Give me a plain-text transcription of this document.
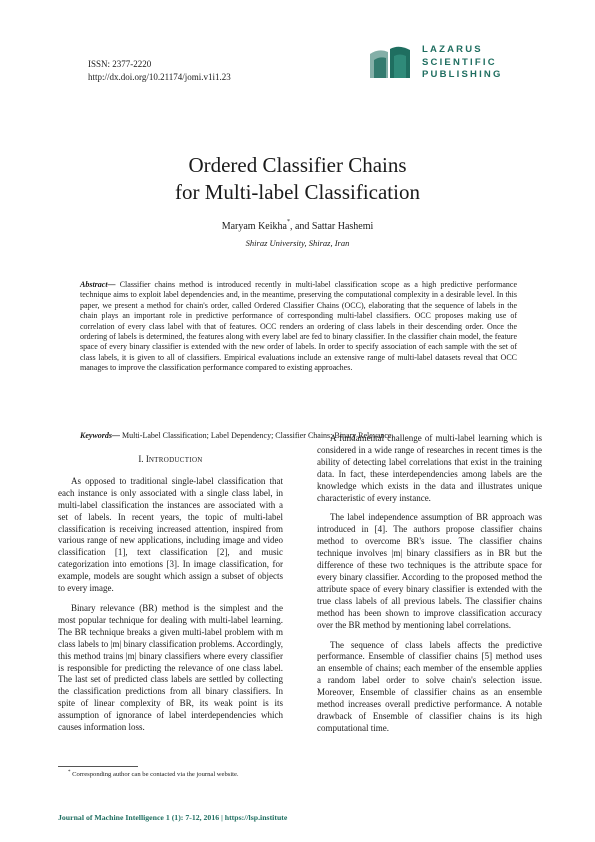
ISSN: 2377-2220
http://dx.doi.org/10.21174/jomi.v1i1.23
LAZARUS
SCIENTIFIC
PUBLISHING
Ordered Classifier Chains
for Multi-label Classification
Maryam Keikha*, and Sattar Hashemi
Shiraz University, Shiraz, Iran
Abstract— Classifier chains method is introduced recently in multi-label classification scope as a high predictive performance technique aims to exploit label dependencies and, in the meantime, preserving the computational complexity in a desirable level. In this paper, we present a method for chain's order, called Ordered Classifier Chains (OCC), elaborating that the sequence of labels in the chain plays an important role in predictive performance of corresponding multi-label classifiers. OCC proposes making use of correlation of every class label with that of features. OCC renders an ordering of class labels in their descending order. Once the ordering of labels is determined, the features along with every label are fed to binary classifier. In the classifier chain model, the feature space of every binary classifier is extended with the new order of labels. In order to specify association of each sample with the set of class labels, it is given to all of classifiers. Empirical evaluations include an extensive range of multi-label datasets reveal that OCC manages to improve the classification performance compared to existing approaches.
Keywords— Multi-Label Classification; Label Dependency; Classifier Chains; Binary Relevance.
I. INTRODUCTION

As opposed to traditional single-label classification that each instance is only associated with a single class label, in multi-label classification the instances are associated with a set of labels. In recent years, the topic of multi-label classification is receiving increased attention, inspired from various range of new applications, including image and video classification [1], text classification [2], and music categorization into emotions [3]. In image classification, for example, models are sought which assign a subset of objects to every image.

Binary relevance (BR) method is the simplest and the most popular technique for dealing with multi-label learning. The BR technique breaks a given multi-label problem with m class labels to |m| binary classification problems. Accordingly, this method trains |m| binary classifiers where every classifier is responsible for predicting the relevance of one class label. The last set of predicted class labels are settled by collecting the classification predictions from all binary classifiers. In spite of linear complexity of BR, its weak point is its assumption of ignorance of label interdependencies which causes information loss.

A fundamental challenge of multi-label learning which is considered in a wide range of researches in recent times is the ability of detecting label correlations that exist in the training data. In fact, these interdependencies among labels are the knowledge which exists in the data and illustrates unique characteristic of every instance.

The label independence assumption of BR approach was introduced in [4]. The authors propose classifier chains method to overcome BR's issue. The classifier chains technique involves |m| binary classifiers as in BR but the difference of these two techniques is the attribute space for every binary classifier. According to the proposed method the attribute space of every binary classifier is extended with the true class labels of all previous labels. The classifier chains method has been shown to improve classification accuracy over the BR method by mentioning label correlations.

The sequence of class labels affects the predictive performance. Ensemble of classifier chains [5] method uses an ensemble of chains; each member of the ensemble applies a random label order to solve chain's selection issue. Moreover, Ensemble of classifier chains as an ensemble method increases overall predictive performance. A notable drawback of Ensemble of classifier chains is its high computational time.

* Corresponding author can be contacted via the journal website.
Journal of Machine Intelligence 1 (1): 7-12, 2016 | https://lsp.institute
